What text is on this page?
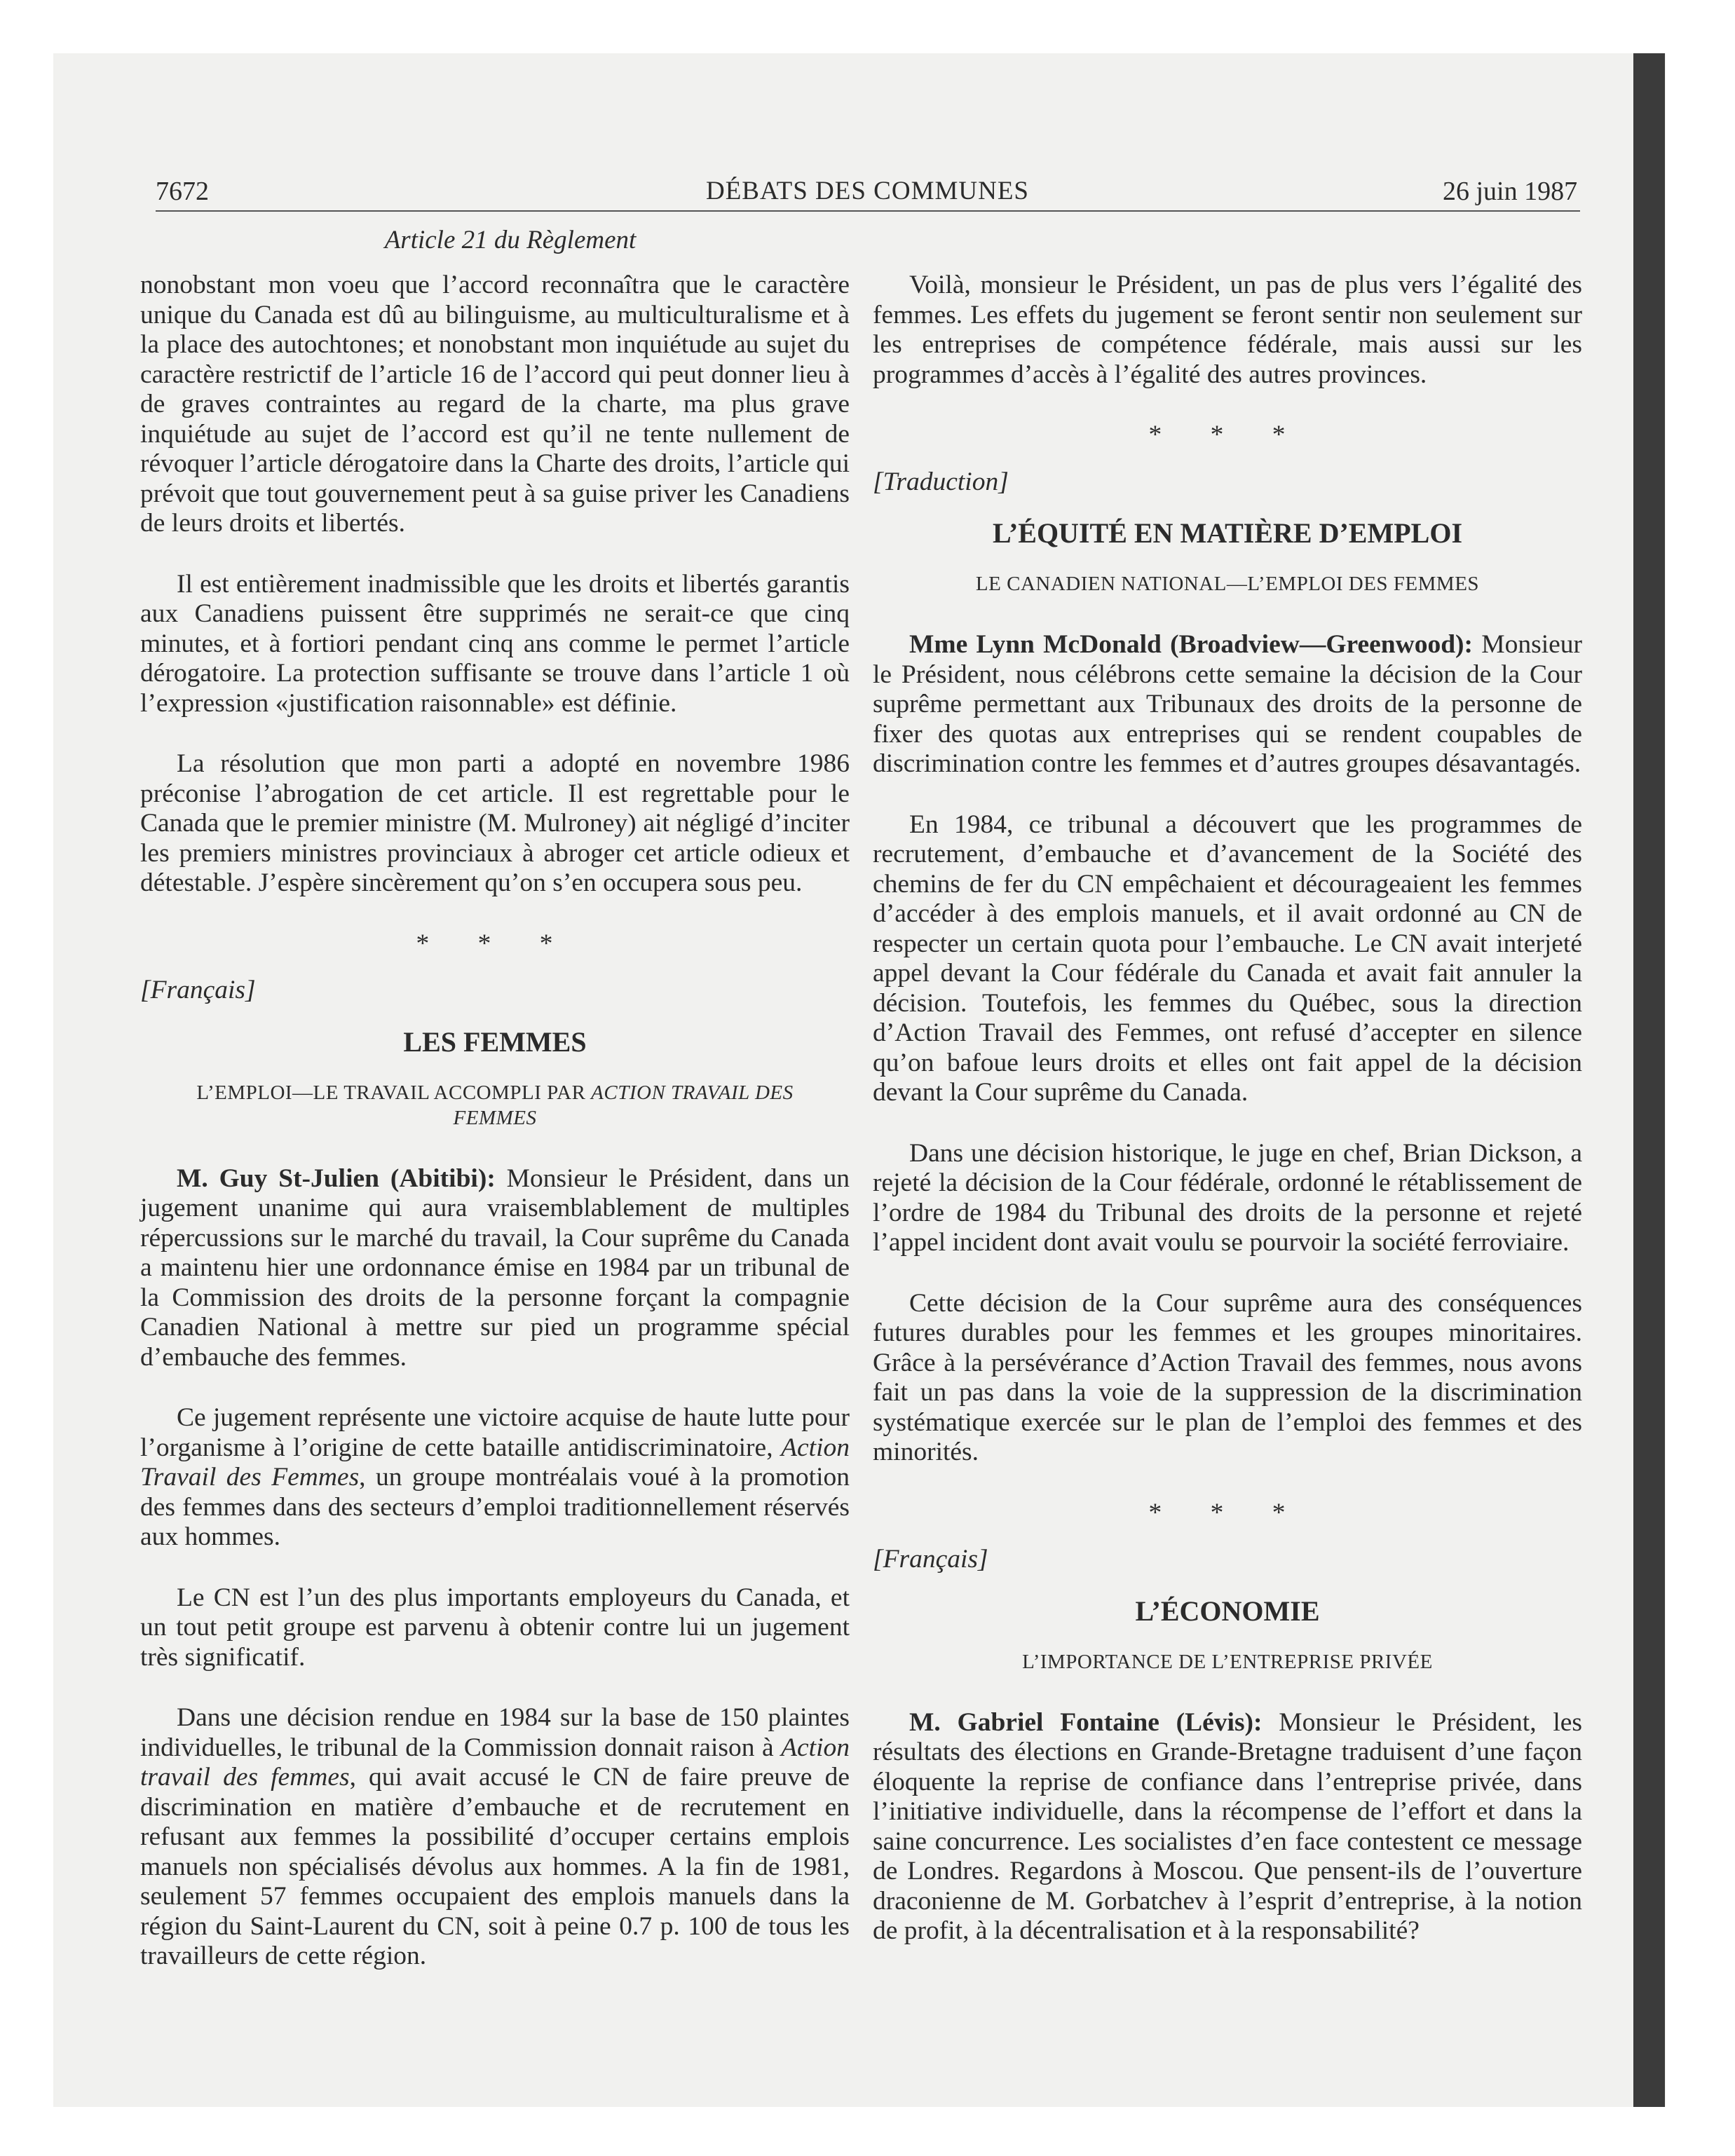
7672	DÉBATS DES COMMUNES	26 juin 1987
Article 21 du Règlement

nonobstant mon voeu que l’accord reconnaîtra que le caractère unique du Canada est dû au bilinguisme, au multiculturalisme et à la place des autochtones; et nonobstant mon inquiétude au sujet du caractère restrictif de l’article 16 de l’accord qui peut donner lieu à de graves contraintes au regard de la charte, ma plus grave inquiétude au sujet de l’accord est qu’il ne tente nullement de révoquer l’article dérogatoire dans la Charte des droits, l’article qui prévoit que tout gouvernement peut à sa guise priver les Canadiens de leurs droits et libertés.

Il est entièrement inadmissible que les droits et libertés garantis aux Canadiens puissent être supprimés ne serait-ce que cinq minutes, et à fortiori pendant cinq ans comme le permet l’article dérogatoire. La protection suffisante se trouve dans l’article 1 où l’expression «justification raisonnable» est définie.

La résolution que mon parti a adopté en novembre 1986 préconise l’abrogation de cet article. Il est regrettable pour le Canada que le premier ministre (M. Mulroney) ait négligé d’inciter les premiers ministres provinciaux à abroger cet article odieux et détestable. J’espère sincèrement qu’on s’en occupera sous peu.

* * *

[Français]

LES FEMMES

L’EMPLOI—LE TRAVAIL ACCOMPLI PAR ACTION TRAVAIL DES FEMMES

M. Guy St-Julien (Abitibi): Monsieur le Président, dans un jugement unanime qui aura vraisemblablement de multiples répercussions sur le marché du travail, la Cour suprême du Canada a maintenu hier une ordonnance émise en 1984 par un tribunal de la Commission des droits de la personne forçant la compagnie Canadien National à mettre sur pied un programme spécial d’embauche des femmes.

Ce jugement représente une victoire acquise de haute lutte pour l’organisme à l’origine de cette bataille antidiscriminatoire, Action Travail des Femmes, un groupe montréalais voué à la promotion des femmes dans des secteurs d’emploi traditionnellement réservés aux hommes.

Le CN est l’un des plus importants employeurs du Canada, et un tout petit groupe est parvenu à obtenir contre lui un jugement très significatif.

Dans une décision rendue en 1984 sur la base de 150 plaintes individuelles, le tribunal de la Commission donnait raison à Action travail des femmes, qui avait accusé le CN de faire preuve de discrimination en matière d’embauche et de recrutement en refusant aux femmes la possibilité d’occuper certains emplois manuels non spécialisés dévolus aux hommes. A la fin de 1981, seulement 57 femmes occupaient des emplois manuels dans la région du Saint-Laurent du CN, soit à peine 0.7 p. 100 de tous les travailleurs de cette région.

Voilà, monsieur le Président, un pas de plus vers l’égalité des femmes. Les effets du jugement se feront sentir non seulement sur les entreprises de compétence fédérale, mais aussi sur les programmes d’accès à l’égalité des autres provinces.

* * *

[Traduction]

L’ÉQUITÉ EN MATIÈRE D’EMPLOI

LE CANADIEN NATIONAL—L’EMPLOI DES FEMMES

Mme Lynn McDonald (Broadview—Greenwood): Monsieur le Président, nous célébrons cette semaine la décision de la Cour suprême permettant aux Tribunaux des droits de la personne de fixer des quotas aux entreprises qui se rendent coupables de discrimination contre les femmes et d’autres groupes désavantagés.

En 1984, ce tribunal a découvert que les programmes de recrutement, d’embauche et d’avancement de la Société des chemins de fer du CN empêchaient et décourageaient les femmes d’accéder à des emplois manuels, et il avait ordonné au CN de respecter un certain quota pour l’embauche. Le CN avait interjeté appel devant la Cour fédérale du Canada et avait fait annuler la décision. Toutefois, les femmes du Québec, sous la direction d’Action Travail des Femmes, ont refusé d’accepter en silence qu’on bafoue leurs droits et elles ont fait appel de la décision devant la Cour suprême du Canada.

Dans une décision historique, le juge en chef, Brian Dickson, a rejeté la décision de la Cour fédérale, ordonné le rétablissement de l’ordre de 1984 du Tribunal des droits de la personne et rejeté l’appel incident dont avait voulu se pourvoir la société ferroviaire.

Cette décision de la Cour suprême aura des conséquences futures durables pour les femmes et les groupes minoritaires. Grâce à la persévérance d’Action Travail des femmes, nous avons fait un pas dans la voie de la suppression de la discrimination systématique exercée sur le plan de l’emploi des femmes et des minorités.

* * *

[Français]

L’ÉCONOMIE

L’IMPORTANCE DE L’ENTREPRISE PRIVÉE

M. Gabriel Fontaine (Lévis): Monsieur le Président, les résultats des élections en Grande-Bretagne traduisent d’une façon éloquente la reprise de confiance dans l’entreprise privée, dans l’initiative individuelle, dans la récompense de l’effort et dans la saine concurrence. Les socialistes d’en face contestent ce message de Londres. Regardons à Moscou. Que pensent-ils de l’ouverture draconienne de M. Gorbatchev à l’esprit d’entreprise, à la notion de profit, à la décentralisation et à la responsabilité?
